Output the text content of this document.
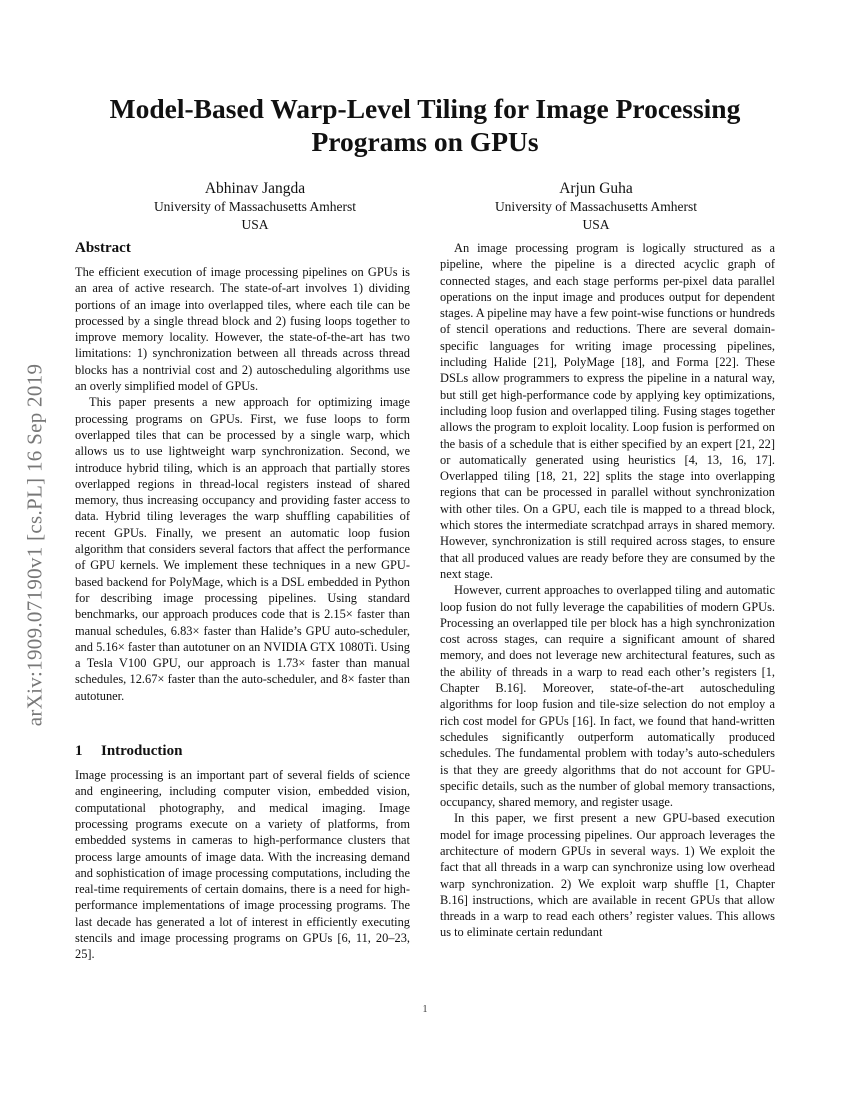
arXiv:1909.07190v1 [cs.PL] 16 Sep 2019
Model-Based Warp-Level Tiling for Image Processing
Programs on GPUs
Abhinav Jangda
University of Massachusetts Amherst
USA
Arjun Guha
University of Massachusetts Amherst
USA
Abstract

The efficient execution of image processing pipelines on GPUs is an area of active research. The state-of-art involves 1) dividing portions of an image into overlapped tiles, where each tile can be processed by a single thread block and 2) fusing loops together to improve memory locality. However, the state-of-the-art has two limitations: 1) synchronization between all threads across thread blocks has a nontrivial cost and 2) autoscheduling algorithms use an overly simplified model of GPUs.

This paper presents a new approach for optimizing image processing programs on GPUs. First, we fuse loops to form overlapped tiles that can be processed by a single warp, which allows us to use lightweight warp synchronization. Second, we introduce hybrid tiling, which is an approach that partially stores overlapped regions in thread-local registers instead of shared memory, thus increasing occupancy and providing faster access to data. Hybrid tiling leverages the warp shuffling capabilities of recent GPUs. Finally, we present an automatic loop fusion algorithm that considers several factors that affect the performance of GPU kernels. We implement these techniques in a new GPU-based backend for PolyMage, which is a DSL embedded in Python for describing image processing pipelines. Using standard benchmarks, our approach produces code that is 2.15× faster than manual schedules, 6.83× faster than Halide’s GPU auto-scheduler, and 5.16× faster than autotuner on an NVIDIA GTX 1080Ti. Using a Tesla V100 GPU, our approach is 1.73× faster than manual schedules, 12.67× faster than the auto-scheduler, and 8× faster than autotuner.

1 Introduction

Image processing is an important part of several fields of science and engineering, including computer vision, embedded vision, computational photography, and medical imaging. Image processing programs execute on a variety of platforms, from embedded systems in cameras to high-performance clusters that process large amounts of image data. With the increasing demand and sophistication of image processing computations, including the real-time requirements of certain domains, there is a need for high-performance implementations of image processing programs. The last decade has generated a lot of interest in efficiently executing stencils and image processing programs on GPUs [6, 11, 20–23, 25].

An image processing program is logically structured as a pipeline, where the pipeline is a directed acyclic graph of connected stages, and each stage performs per-pixel data parallel operations on the input image and produces output for dependent stages. A pipeline may have a few point-wise functions or hundreds of stencil operations and reductions. There are several domain-specific languages for writing image processing pipelines, including Halide [21], PolyMage [18], and Forma [22]. These DSLs allow programmers to express the pipeline in a natural way, but still get high-performance code by applying key optimizations, including loop fusion and overlapped tiling. Fusing stages together allows the program to exploit locality. Loop fusion is performed on the basis of a schedule that is either specified by an expert [21, 22] or automatically generated using heuristics [4, 13, 16, 17]. Overlapped tiling [18, 21, 22] splits the stage into overlapping regions that can be processed in parallel without synchronization with other tiles. On a GPU, each tile is mapped to a thread block, which stores the intermediate scratchpad arrays in shared memory. However, synchronization is still required across stages, to ensure that all produced values are ready before they are consumed by the next stage.

However, current approaches to overlapped tiling and automatic loop fusion do not fully leverage the capabilities of modern GPUs. Processing an overlapped tile per block has a high synchronization cost across stages, can require a significant amount of shared memory, and does not leverage new architectural features, such as the ability of threads in a warp to read each other’s registers [1, Chapter B.16]. Moreover, state-of-the-art autoscheduling algorithms for loop fusion and tile-size selection do not employ a rich cost model for GPUs [16]. In fact, we found that hand-written schedules significantly outperform automatically produced schedules. The fundamental problem with today’s auto-schedulers is that they are greedy algorithms that do not account for GPU-specific details, such as the number of global memory transactions, occupancy, shared memory, and register usage.

In this paper, we first present a new GPU-based execution model for image processing pipelines. Our approach leverages the architecture of modern GPUs in several ways. 1) We exploit the fact that all threads in a warp can synchronize using low overhead warp synchronization. 2) We exploit warp shuffle [1, Chapter B.16] instructions, which are available in recent GPUs that allow threads in a warp to read each others’ register values. This allows us to eliminate certain redundant

1
